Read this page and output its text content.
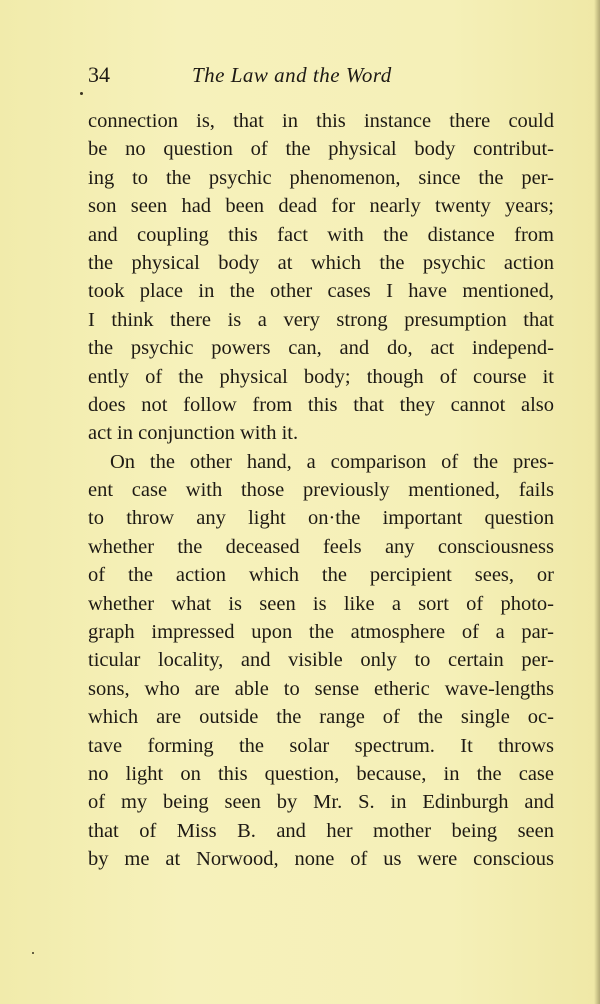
34	The Law and the Word
connection is, that in this instance there could
be no question of the physical body contribut-
ing to the psychic phenomenon, since the per-
son seen had been dead for nearly twenty years;
and coupling this fact with the distance from
the physical body at which the psychic action
took place in the other cases I have mentioned,
I think there is a very strong presumption that
the psychic powers can, and do, act independ-
ently of the physical body; though of course it
does not follow from this that they cannot also
act in conjunction with it.
On the other hand, a comparison of the pres-
ent case with those previously mentioned, fails
to throw any light on·the important question
whether the deceased feels any consciousness
of the action which the percipient sees, or
whether what is seen is like a sort of photo-
graph impressed upon the atmosphere of a par-
ticular locality, and visible only to certain per-
sons, who are able to sense etheric wave-lengths
which are outside the range of the single oc-
tave forming the solar spectrum. It throws
no light on this question, because, in the case
of my being seen by Mr. S. in Edinburgh and
that of Miss B. and her mother being seen
by me at Norwood, none of us were conscious
